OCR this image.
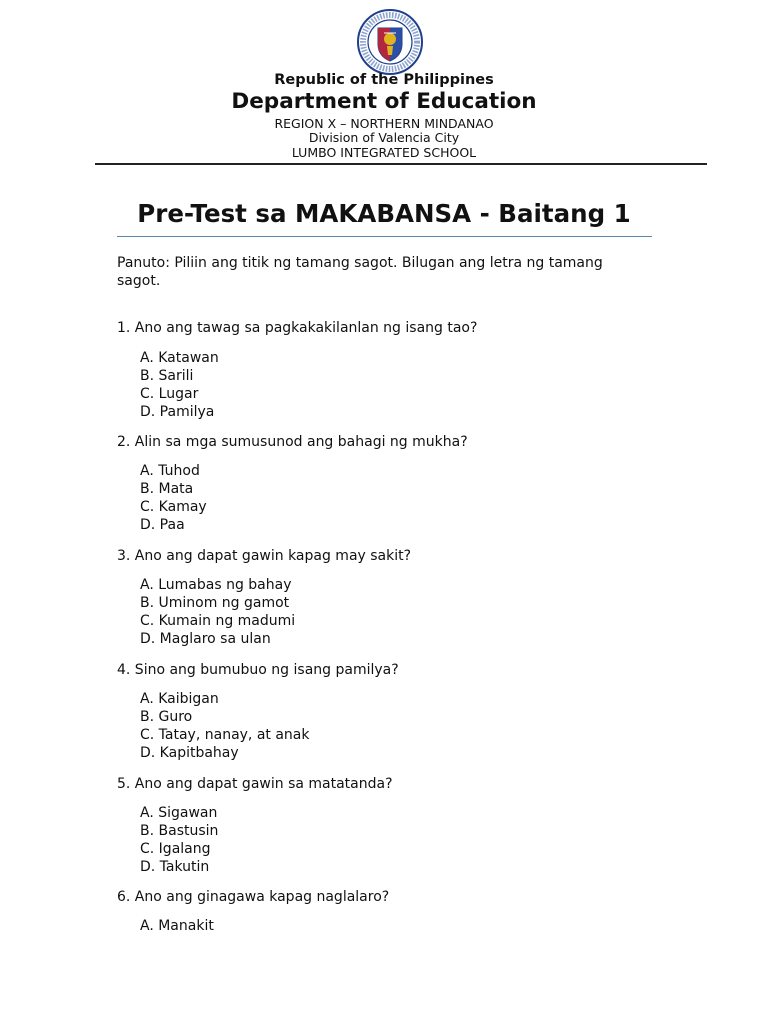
Republic of the Philippines
Department of Education
REGION X – NORTHERN MINDANAO
Division of Valencia City
LUMBO INTEGRATED SCHOOL
Pre-Test sa MAKABANSA - Baitang 1
Panuto: Piliin ang titik ng tamang sagot. Bilugan ang letra ng tamang sagot.
1. Ano ang tawag sa pagkakakilanlan ng isang tao?
A. Katawan
B. Sarili
C. Lugar
D. Pamilya
2. Alin sa mga sumusunod ang bahagi ng mukha?
A. Tuhod
B. Mata
C. Kamay
D. Paa
3. Ano ang dapat gawin kapag may sakit?
A. Lumabas ng bahay
B. Uminom ng gamot
C. Kumain ng madumi
D. Maglaro sa ulan
4. Sino ang bumubuo ng isang pamilya?
A. Kaibigan
B. Guro
C. Tatay, nanay, at anak
D. Kapitbahay
5. Ano ang dapat gawin sa matatanda?
A. Sigawan
B. Bastusin
C. Igalang
D. Takutin
6. Ano ang ginagawa kapag naglalaro?
A. Manakit
